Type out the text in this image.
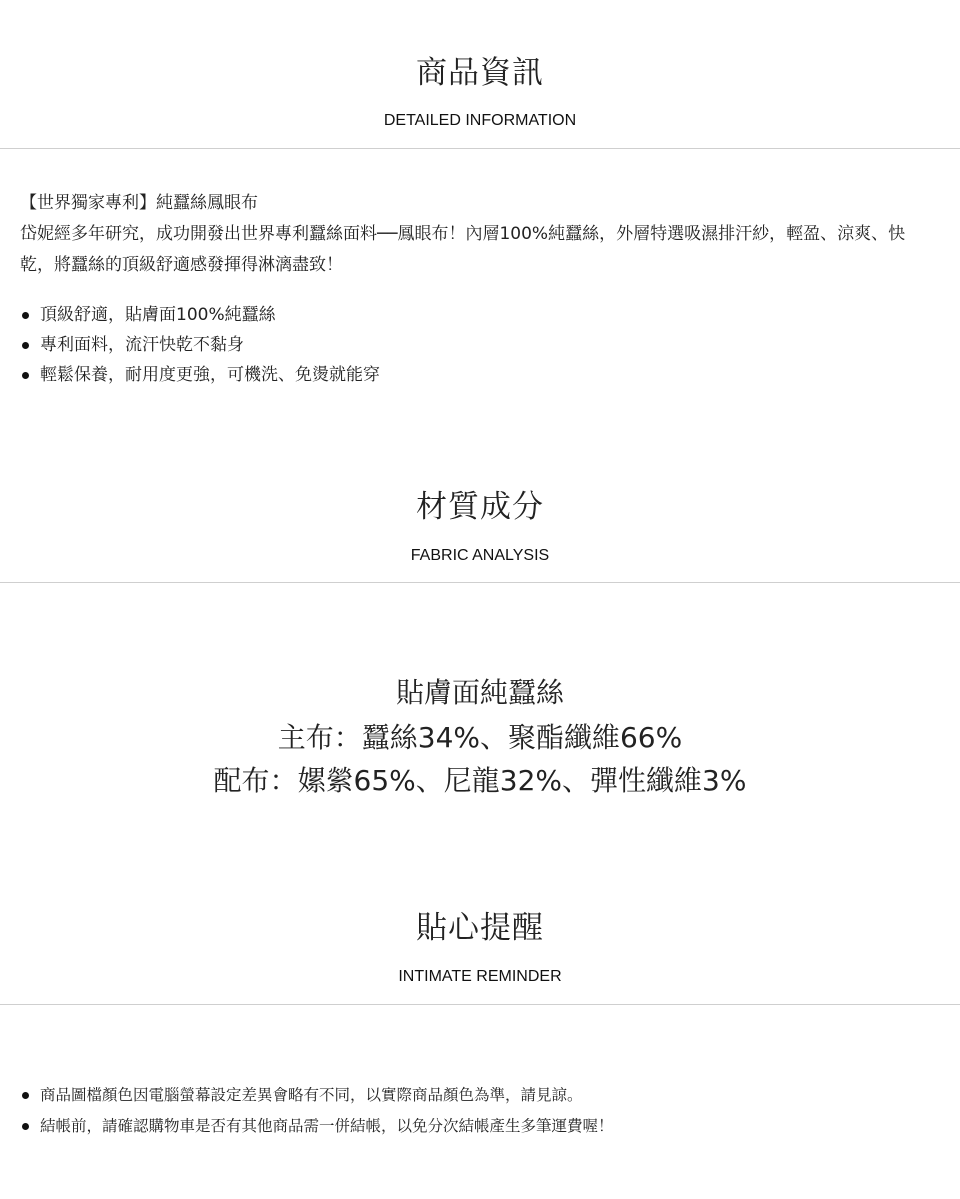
商品資訊
DETAILED INFORMATION

【世界獨家專利】純蠶絲鳳眼布

岱妮經多年研究，成功開發出世界專利蠶絲面料──鳳眼布！內層100%純蠶絲，外層特選吸濕排汗紗，輕盈、涼爽、快乾，將蠶絲的頂級舒適感發揮得淋漓盡致！

頂級舒適，貼膚面100%純蠶絲
專利面料，流汗快乾不黏身
輕鬆保養，耐用度更強，可機洗、免燙就能穿
材質成分
FABRIC ANALYSIS
貼膚面純蠶絲
主布：蠶絲34%、聚酯纖維66%
配布：嫘縈65%、尼龍32%、彈性纖維3%
貼心提醒
INTIMATE REMINDER
商品圖檔顏色因電腦螢幕設定差異會略有不同，以實際商品顏色為準，請見諒。
結帳前，請確認購物車是否有其他商品需一併結帳，以免分次結帳產生多筆運費喔！
